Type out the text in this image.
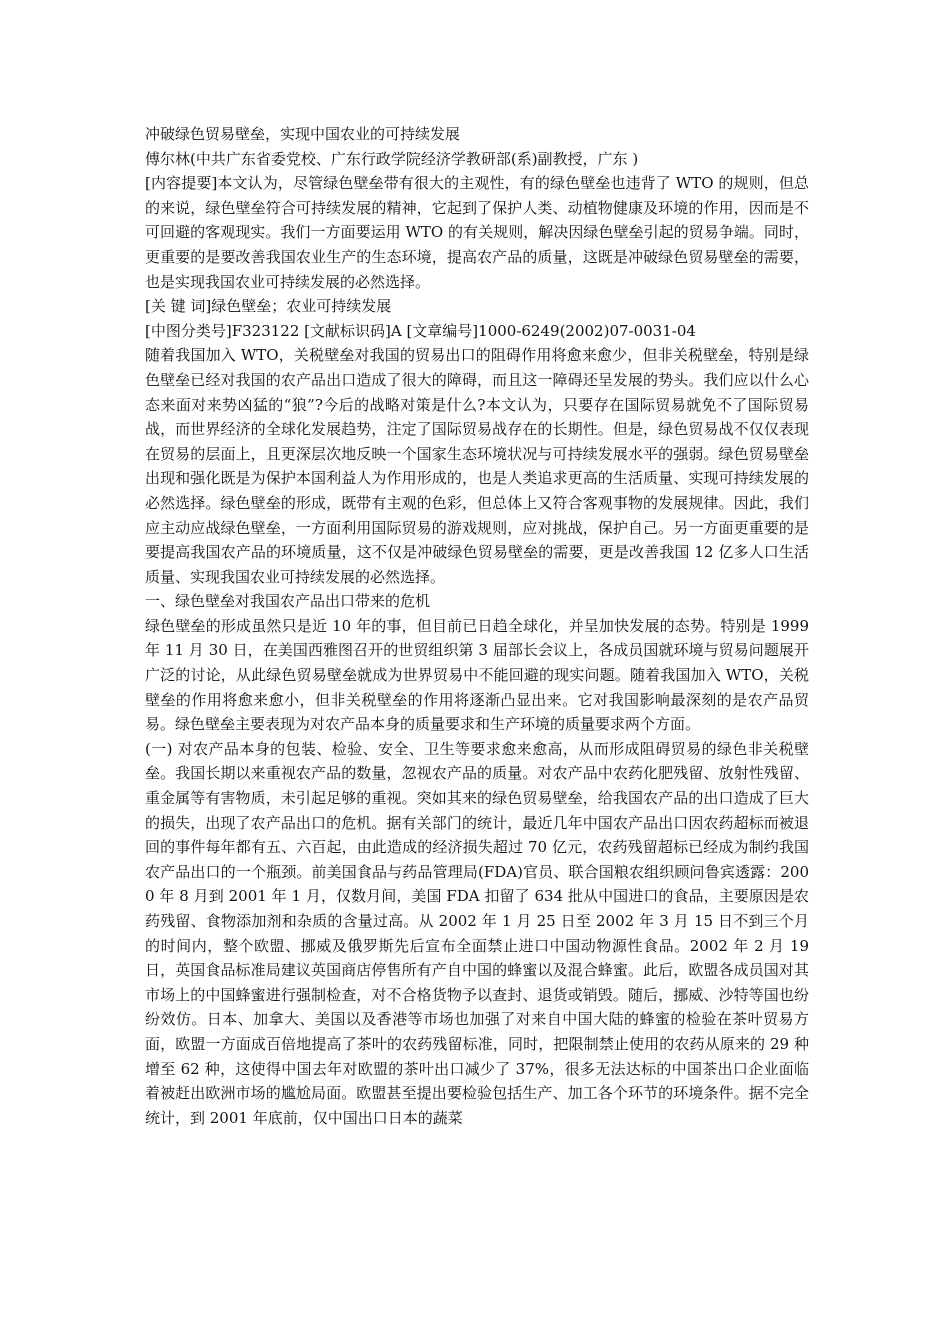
冲破绿色贸易壁垒，实现中国农业的可持续发展

傅尔林(中共广东省委党校、广东行政学院经济学教研部(系)副教授，广东 )

[内容提要]本文认为，尽管绿色壁垒带有很大的主观性，有的绿色壁垒也违背了 WTO 的规则，但总的来说，绿色壁垒符合可持续发展的精神，它起到了保护人类、动植物健康及环境的作用，因而是不可回避的客观现实。我们一方面要运用 WTO 的有关规则，解决因绿色壁垒引起的贸易争端。同时，更重要的是要改善我国农业生产的生态环境，提高农产品的质量，这既是冲破绿色贸易壁垒的需要，也是实现我国农业可持续发展的必然选择。

[关 键 词]绿色壁垒；农业可持续发展

[中图分类号]F323122 [文献标识码]A [文章编号]1000-6249(2002)07-0031-04

随着我国加入 WTO，关税壁垒对我国的贸易出口的阻碍作用将愈来愈少，但非关税壁垒，特别是绿色壁垒已经对我国的农产品出口造成了很大的障碍，而且这一障碍还呈发展的势头。我们应以什么心态来面对来势凶猛的“狼”?今后的战略对策是什么?本文认为，只要存在国际贸易就免不了国际贸易战，而世界经济的全球化发展趋势，注定了国际贸易战存在的长期性。但是，绿色贸易战不仅仅表现在贸易的层面上，且更深层次地反映一个国家生态环境状况与可持续发展水平的强弱。绿色贸易壁垒出现和强化既是为保护本国利益人为作用形成的，也是人类追求更高的生活质量、实现可持续发展的必然选择。绿色壁垒的形成，既带有主观的色彩，但总体上又符合客观事物的发展规律。因此，我们应主动应战绿色壁垒，一方面利用国际贸易的游戏规则，应对挑战，保护自己。另一方面更重要的是要提高我国农产品的环境质量，这不仅是冲破绿色贸易壁垒的需要，更是改善我国 12 亿多人口生活质量、实现我国农业可持续发展的必然选择。

一、绿色壁垒对我国农产品出口带来的危机

绿色壁垒的形成虽然只是近 10 年的事，但目前已日趋全球化，并呈加快发展的态势。特别是 1999 年 11 月 30 日，在美国西雅图召开的世贸组织第 3 届部长会议上，各成员国就环境与贸易问题展开广泛的讨论，从此绿色贸易壁垒就成为世界贸易中不能回避的现实问题。随着我国加入 WTO，关税壁垒的作用将愈来愈小，但非关税壁垒的作用将逐渐凸显出来。它对我国影响最深刻的是农产品贸易。绿色壁垒主要表现为对农产品本身的质量要求和生产环境的质量要求两个方面。

(一) 对农产品本身的包装、检验、安全、卫生等要求愈来愈高，从而形成阻碍贸易的绿色非关税壁垒。我国长期以来重视农产品的数量，忽视农产品的质量。对农产品中农药化肥残留、放射性残留、重金属等有害物质，未引起足够的重视。突如其来的绿色贸易壁垒，给我国农产品的出口造成了巨大的损失，出现了农产品出口的危机。据有关部门的统计，最近几年中国农产品出口因农药超标而被退回的事件每年都有五、六百起，由此造成的经济损失超过 70 亿元，农药残留超标已经成为制约我国农产品出口的一个瓶颈。前美国食品与药品管理局(FDA)官员、联合国粮农组织顾问鲁宾透露：2000 年 8 月到 2001 年 1 月，仅数月间，美国 FDA 扣留了 634 批从中国进口的食品，主要原因是农药残留、食物添加剂和杂质的含量过高。从 2002 年 1 月 25 日至 2002 年 3 月 15 日不到三个月的时间内，整个欧盟、挪威及俄罗斯先后宣布全面禁止进口中国动物源性食品。2002 年 2 月 19 日，英国食品标准局建议英国商店停售所有产自中国的蜂蜜以及混合蜂蜜。此后，欧盟各成员国对其市场上的中国蜂蜜进行强制检查，对不合格货物予以查封、退货或销毁。随后，挪威、沙特等国也纷纷效仿。日本、加拿大、美国以及香港等市场也加强了对来自中国大陆的蜂蜜的检验在茶叶贸易方面，欧盟一方面成百倍地提高了茶叶的农药残留标准，同时，把限制禁止使用的农药从原来的 29 种增至 62 种，这使得中国去年对欧盟的茶叶出口减少了 37%，很多无法达标的中国茶出口企业面临着被赶出欧洲市场的尴尬局面。欧盟甚至提出要检验包括生产、加工各个环节的环境条件。据不完全统计，到 2001 年底前，仅中国出口日本的蔬菜
